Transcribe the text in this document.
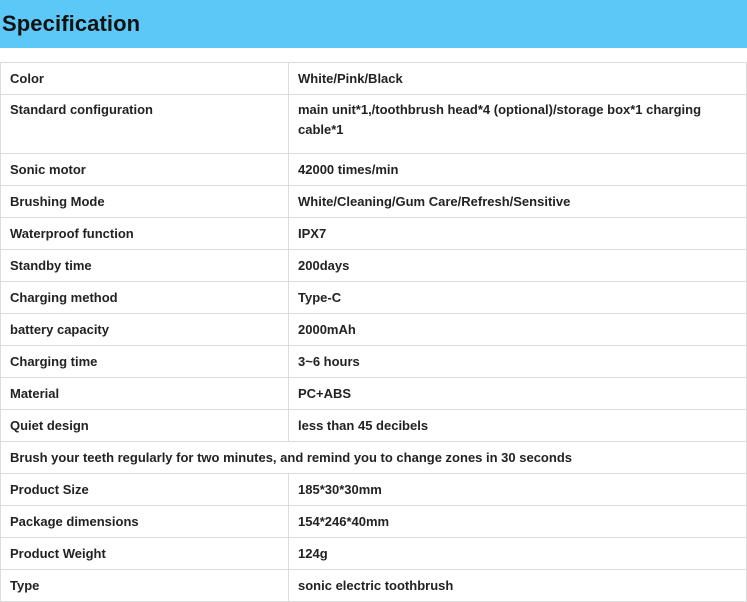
Specification
Color	White/Pink/Black
Standard configuration	main unit*1,/toothbrush head*4 (optional)/storage box*1 charging cable*1
Sonic motor	42000 times/min
Brushing Mode	White/Cleaning/Gum Care/Refresh/Sensitive
Waterproof function	IPX7
Standby time	200days
Charging method	Type-C
battery capacity	2000mAh
Charging time	3~6 hours
Material	PC+ABS
Quiet design	less than 45 decibels
Brush your teeth regularly for two minutes, and remind you to change zones in 30 seconds	
Product Size	185*30*30mm
Package dimensions	154*246*40mm
Product Weight	124g
Type	sonic electric toothbrush
